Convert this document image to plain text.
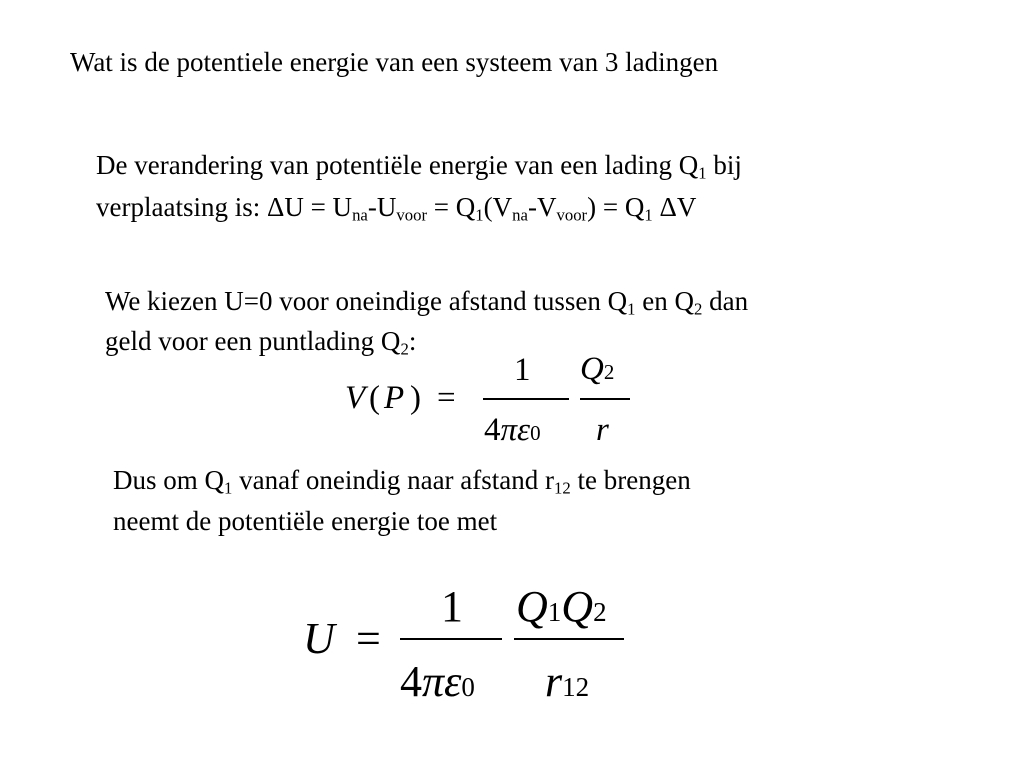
Wat is de potentiele energie van een systeem van 3 ladingen
De verandering van potentiële energie van een lading $Q_1$ bij
verplaatsing is: $\Delta U = U_{na}-U_{voor} = Q_1(V_{na}-V_{voor}) = Q_1$ ΔV
We kiezen U=0 voor oneindige afstand tussen $Q_1$ en $Q_2$ dan
geld voor een puntlading $Q_2$:
V ( P ) =
1
4πε0
Q2
r
Dus om $Q_1$ vanaf oneindig naar afstand $r_{12}$ te brengen
neemt de potentiële energie toe met
U =
1
4πε0
Q1Q2
r12
